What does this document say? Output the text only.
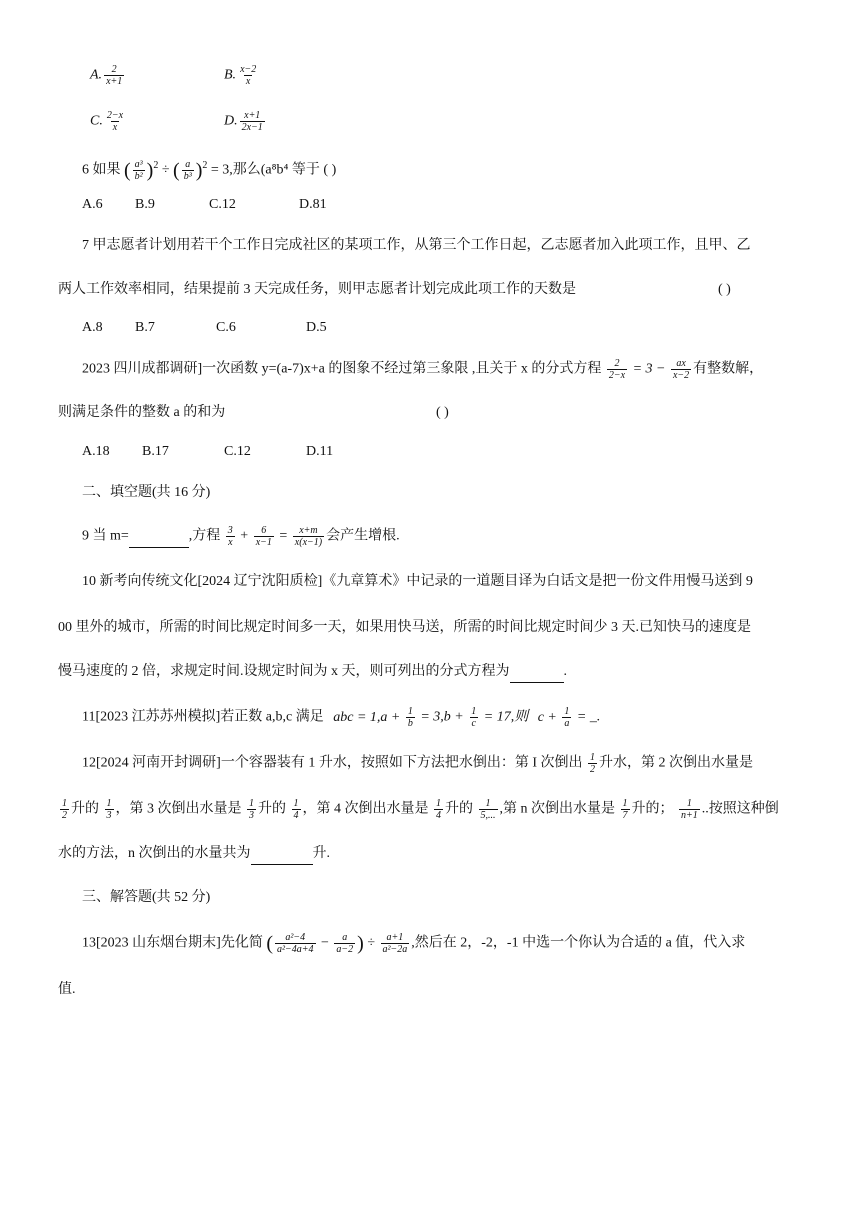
A. $\frac{2}{x+1}$	B. $\frac{x-2}{x}$
C. $\frac{2-x}{x}$	D. $\frac{x+1}{2x-1}$
6 如果 ( $\frac{\text{a³}}{\text{b²}} )^2$ ÷ ( $\frac{a}{\text{b³}} )^2 = 3$,那么(a⁸b⁴ 等于 ( )
A.6 B.9	C.12	D.81
7 甲志愿者计划用若干个工作日完成社区的某项工作，从第三个工作日起，乙志愿者加入此项工作，且甲、乙
两人工作效率相同，结果提前 3 天完成任务，则甲志愿者计划完成此项工作的天数是	( )
A.8 B.7	C.6	D.5
2023 四川成都调研]一次函数 y=(a-7)x+a 的图象不经过第三象限 ,且关于 x 的分式方程 $\frac{2}{2-x} = 3 - \frac{ax}{x-2}$ 有整数解，
则满足条件的整数 a 的和为	( )
A.18 B.17	C.12	D.11
二、填空题(共 16 分)
9 当 m=	,方程 $\frac{3}{x} + \frac{6}{x-1} = \frac{x+m}{x(x-1)}$ 会产生增根.
10 新考向传统文化[2024 辽宁沈阳质检]《九章算术》中记录的一道题目译为白话文是把一份文件用慢马送到 9
00 里外的城市，所需的时间比规定时间多一天，如果用快马送，所需的时间比规定时间少 3 天.已知快马的速度是
慢马速度的 2 倍，求规定时间.设规定时间为 x 天，则可列出的分式方程为	.
11[2023 江苏苏州模拟]若正数 a,b,c 满足 abc = $1,a + \frac{1}{b} = 3,b + \frac{1}{c} = 17$,则 $c + \frac{1}{a}$ = _.
12[2024 河南开封调研]一个容器装有 1 升水，按照如下方法把水倒出：第 I 次倒出 $\frac{1}{2}$ 升水，第 2 次倒出水量是
$\frac{1}{2}$ 升的 $\frac{1}{3}$ ，第 3 次倒出水量是 $\frac{1}{3}$ 升的 $\frac{1}{4}$ ，第 4 次倒出水量是 $\frac{1}{4}$ 升的 $\frac{1}{5,...}$ ,第 n 次倒出水量是 $\frac{1}{7}$ 升的； $\frac{1}{n+1}$ ..按照这种倒
水的方法，n 次倒出的水量共为	升.
三、解答题(共 52 分)
13[2023 山东烟台期末]先化简 ( $\frac{\text{a²−4}}{\text{a²−4a+4}} - \frac{a}{a-2}$ ) ÷ $\frac{a+1}{\text{a²−2a}}$ ,然后在 2，-2，-1 中选一个你认为合适的 a 值，代入求
值.
